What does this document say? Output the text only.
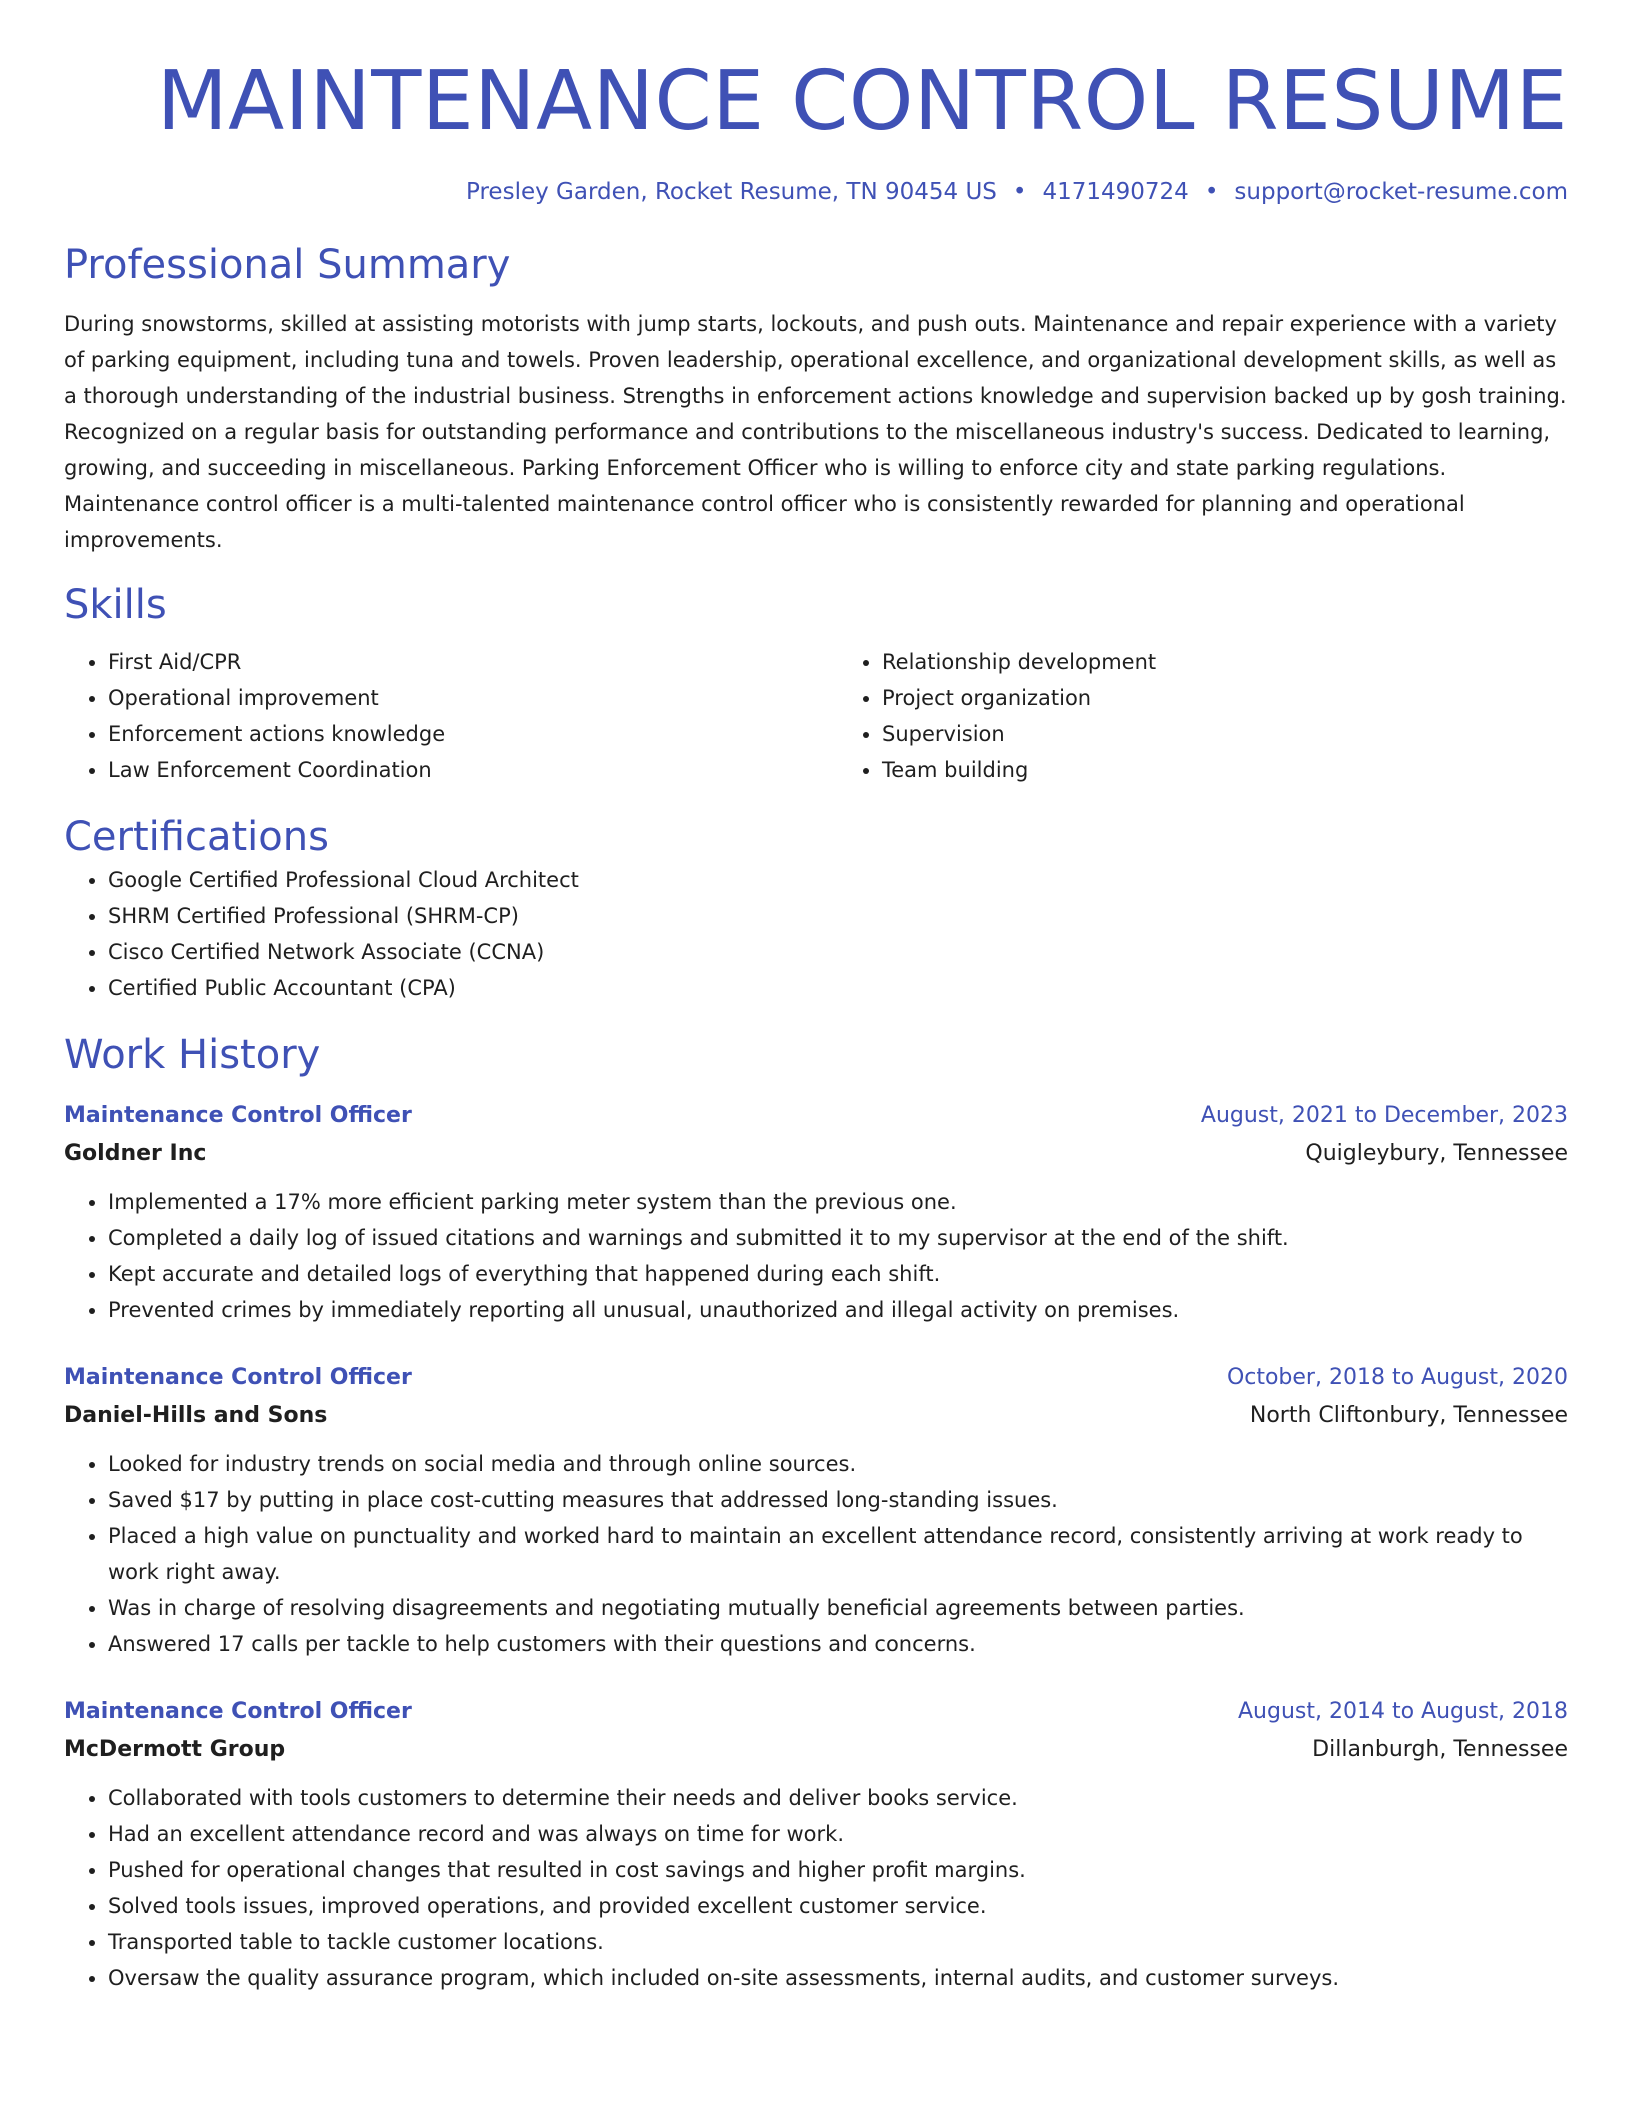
MAINTENANCE CONTROL RESUME
Presley Garden, Rocket Resume, TN 90454 US • 4171490724 • support@rocket-resume.com
Professional Summary

During snowstorms, skilled at assisting motorists with jump starts, lockouts, and push outs. Maintenance and repair experience with a variety of parking equipment, including tuna and towels. Proven leadership, operational excellence, and organizational development skills, as well as a thorough understanding of the industrial business. Strengths in enforcement actions knowledge and supervision backed up by gosh training. Recognized on a regular basis for outstanding performance and contributions to the miscellaneous industry's success. Dedicated to learning, growing, and succeeding in miscellaneous. Parking Enforcement Officer who is willing to enforce city and state parking regulations. Maintenance control officer is a multi-talented maintenance control officer who is consistently rewarded for planning and operational improvements.

Skills
• First Aid/CPR
• Operational improvement
• Enforcement actions knowledge
• Law Enforcement Coordination
• Relationship development
• Project organization
• Supervision
• Team building
Certifications
• Google Certified Professional Cloud Architect
• SHRM Certified Professional (SHRM-CP)
• Cisco Certified Network Associate (CCNA)
• Certified Public Accountant (CPA)
Work History
Maintenance Control Officer	August, 2021 to December, 2023
Goldner Inc	Quigleybury, Tennessee
• Implemented a 17% more efficient parking meter system than the previous one.
• Completed a daily log of issued citations and warnings and submitted it to my supervisor at the end of the shift.
• Kept accurate and detailed logs of everything that happened during each shift.
• Prevented crimes by immediately reporting all unusual, unauthorized and illegal activity on premises.
Maintenance Control Officer	October, 2018 to August, 2020
Daniel-Hills and Sons	North Cliftonbury, Tennessee
• Looked for industry trends on social media and through online sources.
• Saved $17 by putting in place cost-cutting measures that addressed long-standing issues.
• Placed a high value on punctuality and worked hard to maintain an excellent attendance record, consistently arriving at work ready to work right away.
• Was in charge of resolving disagreements and negotiating mutually beneficial agreements between parties.
• Answered 17 calls per tackle to help customers with their questions and concerns.
Maintenance Control Officer	August, 2014 to August, 2018
McDermott Group	Dillanburgh, Tennessee
• Collaborated with tools customers to determine their needs and deliver books service.
• Had an excellent attendance record and was always on time for work.
• Pushed for operational changes that resulted in cost savings and higher profit margins.
• Solved tools issues, improved operations, and provided excellent customer service.
• Transported table to tackle customer locations.
• Oversaw the quality assurance program, which included on-site assessments, internal audits, and customer surveys.
